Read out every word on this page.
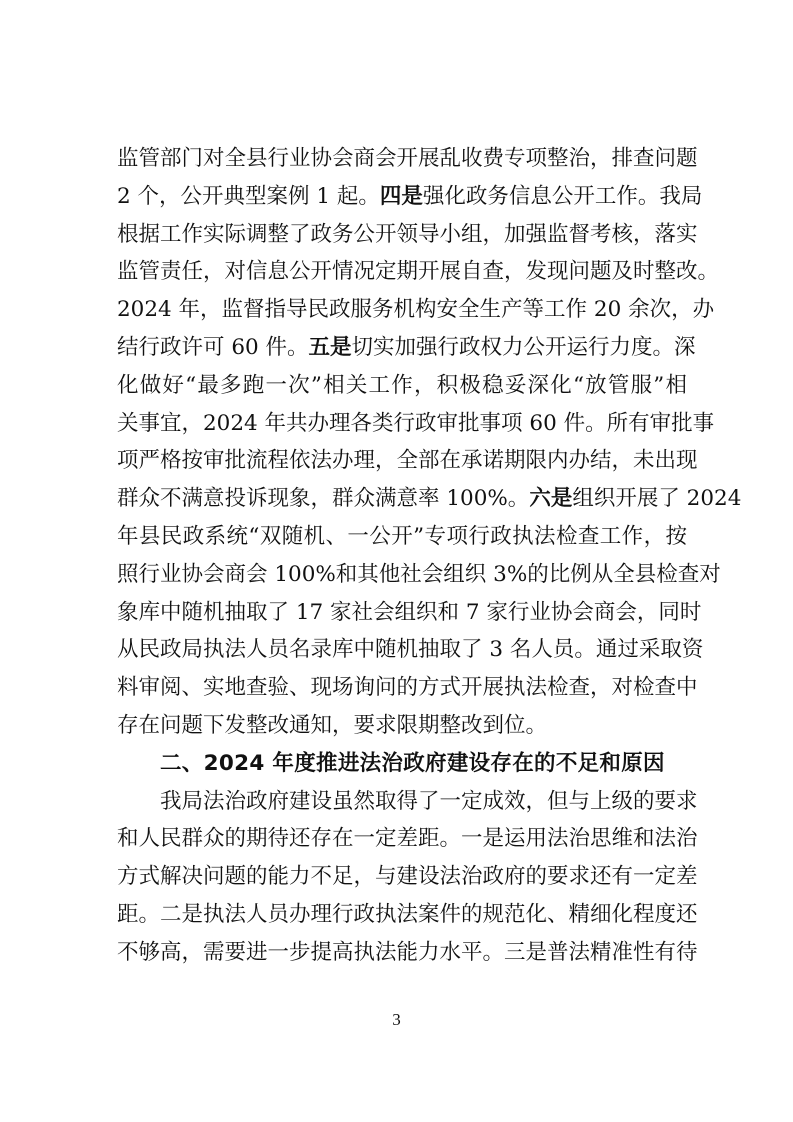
监管部门对全县行业协会商会开展乱收费专项整治，排查问题
2 个，公开典型案例 1 起。四是强化政务信息公开工作。我局
根据工作实际调整了政务公开领导小组，加强监督考核，落实
监管责任，对信息公开情况定期开展自查，发现问题及时整改。
2024 年，监督指导民政服务机构安全生产等工作 20 余次，办
结行政许可 60 件。五是切实加强行政权力公开运行力度。深
化做好“最多跑一次”相关工作，积极稳妥深化“放管服”相
关事宜，2024 年共办理各类行政审批事项 60 件。所有审批事
项严格按审批流程依法办理，全部在承诺期限内办结，未出现
群众不满意投诉现象，群众满意率 100%。六是组织开展了 2024
年县民政系统“双随机、一公开”专项行政执法检查工作，按
照行业协会商会 100%和其他社会组织 3%的比例从全县检查对
象库中随机抽取了 17 家社会组织和 7 家行业协会商会，同时
从民政局执法人员名录库中随机抽取了 3 名人员。通过采取资
料审阅、实地查验、现场询问的方式开展执法检查，对检查中
存在问题下发整改通知，要求限期整改到位。
二、2024 年度推进法治政府建设存在的不足和原因
我局法治政府建设虽然取得了一定成效，但与上级的要求
和人民群众的期待还存在一定差距。一是运用法治思维和法治
方式解决问题的能力不足，与建设法治政府的要求还有一定差
距。二是执法人员办理行政执法案件的规范化、精细化程度还
不够高，需要进一步提高执法能力水平。三是普法精准性有待
3
